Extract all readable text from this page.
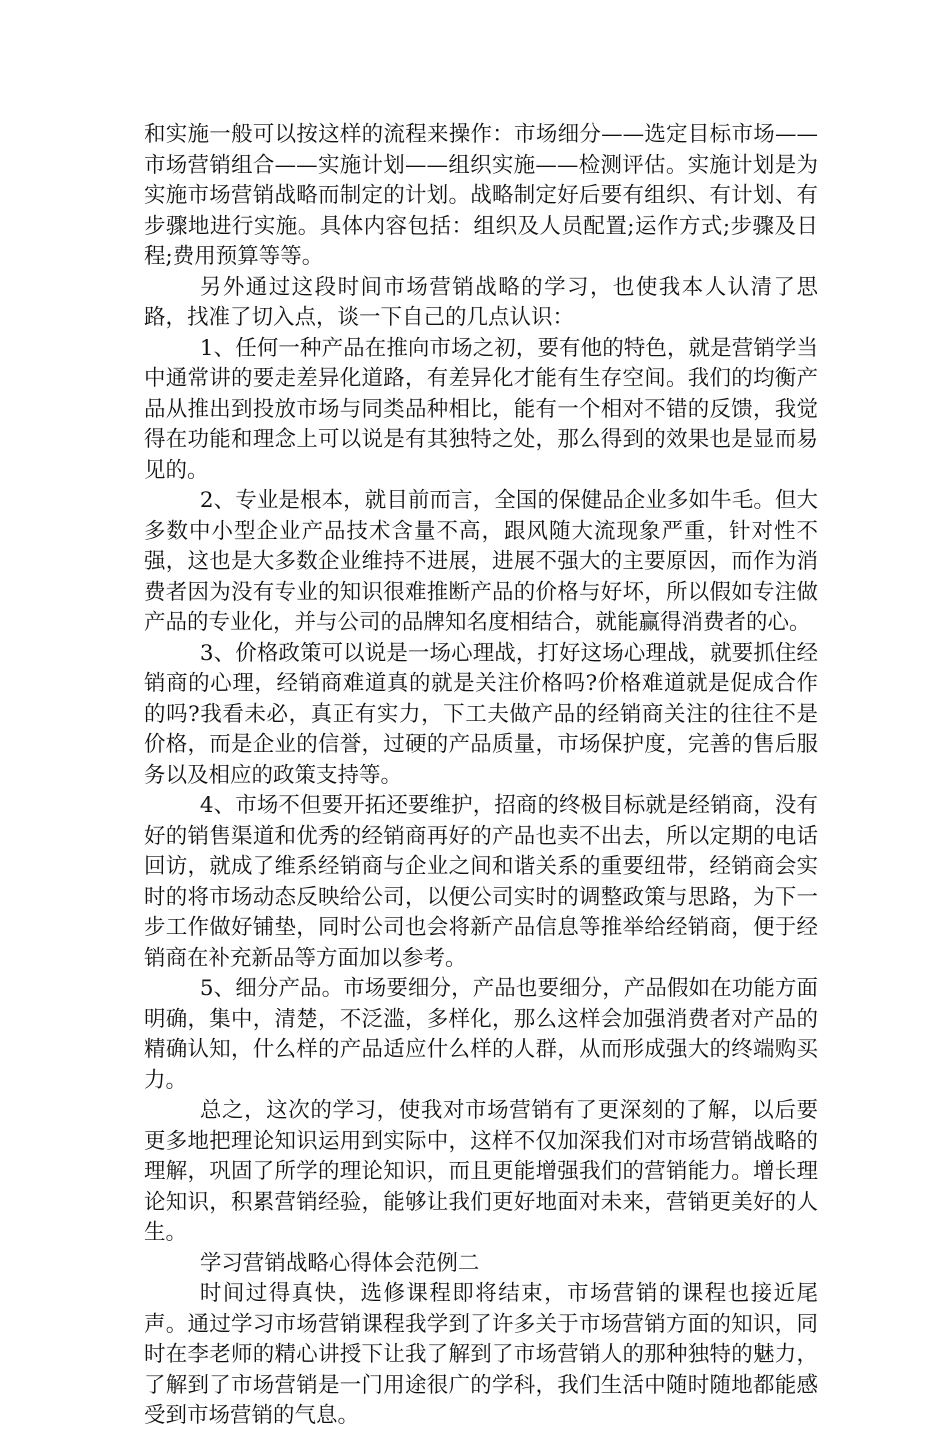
和实施一般可以按这样的流程来操作：市场细分——选定目标市场——市场营销组合——实施计划——组织实施——检测评估。实施计划是为实施市场营销战略而制定的计划。战略制定好后要有组织、有计划、有步骤地进行实施。具体内容包括：组织及人员配置;运作方式;步骤及日程;费用预算等等。

另外通过这段时间市场营销战略的学习，也使我本人认清了思路，找准了切入点，谈一下自己的几点认识：

1、任何一种产品在推向市场之初，要有他的特色，就是营销学当中通常讲的要走差异化道路，有差异化才能有生存空间。我们的均衡产品从推出到投放市场与同类品种相比，能有一个相对不错的反馈，我觉得在功能和理念上可以说是有其独特之处，那么得到的效果也是显而易见的。

2、专业是根本，就目前而言，全国的保健品企业多如牛毛。但大多数中小型企业产品技术含量不高，跟风随大流现象严重，针对性不强，这也是大多数企业维持不进展，进展不强大的主要原因，而作为消费者因为没有专业的知识很难推断产品的价格与好坏，所以假如专注做产品的专业化，并与公司的品牌知名度相结合，就能赢得消费者的心。

3、价格政策可以说是一场心理战，打好这场心理战，就要抓住经销商的心理，经销商难道真的就是关注价格吗?价格难道就是促成合作的吗?我看未必，真正有实力，下工夫做产品的经销商关注的往往不是价格，而是企业的信誉，过硬的产品质量，市场保护度，完善的售后服务以及相应的政策支持等。

4、市场不但要开拓还要维护，招商的终极目标就是经销商，没有好的销售渠道和优秀的经销商再好的产品也卖不出去，所以定期的电话回访，就成了维系经销商与企业之间和谐关系的重要纽带，经销商会实时的将市场动态反映给公司，以便公司实时的调整政策与思路，为下一步工作做好铺垫，同时公司也会将新产品信息等推举给经销商，便于经销商在补充新品等方面加以参考。

5、细分产品。市场要细分，产品也要细分，产品假如在功能方面明确，集中，清楚，不泛滥，多样化，那么这样会加强消费者对产品的精确认知，什么样的产品适应什么样的人群，从而形成强大的终端购买力。

总之，这次的学习，使我对市场营销有了更深刻的了解，以后要更多地把理论知识运用到实际中，这样不仅加深我们对市场营销战略的理解，巩固了所学的理论知识，而且更能增强我们的营销能力。增长理论知识，积累营销经验，能够让我们更好地面对未来，营销更美好的人生。

学习营销战略心得体会范例二

时间过得真快，选修课程即将结束，市场营销的课程也接近尾声。通过学习市场营销课程我学到了许多关于市场营销方面的知识，同时在李老师的精心讲授下让我了解到了市场营销人的那种独特的魅力，了解到了市场营销是一门用途很广的学科，我们生活中随时随地都能感受到市场营销的气息。
